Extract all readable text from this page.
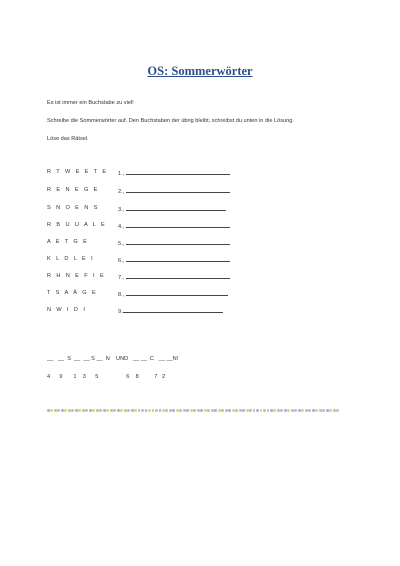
OS: Sommerwörter
Es ist immer ein Buchstabe zu viel!
Schreibe die Sommerwörter auf. Den Buchstaben der übrig bleibt, schreibst du unten in die Lösung.
Löse das Rätsel.
R T W E E T E 1.,
R E N E G E	2.,
S N O E N S	3.,
R B U U A L E 4.,
A E T G E	5.,
K L D L E I	6.,
R H N E F I E 7.,
T S A Ä G E	8.,
N W I D I	9.
__   __  S  __  __ S __  N    UND   __ __  C   __ __N!
4      9       1    3      5                  6    8          7   2
